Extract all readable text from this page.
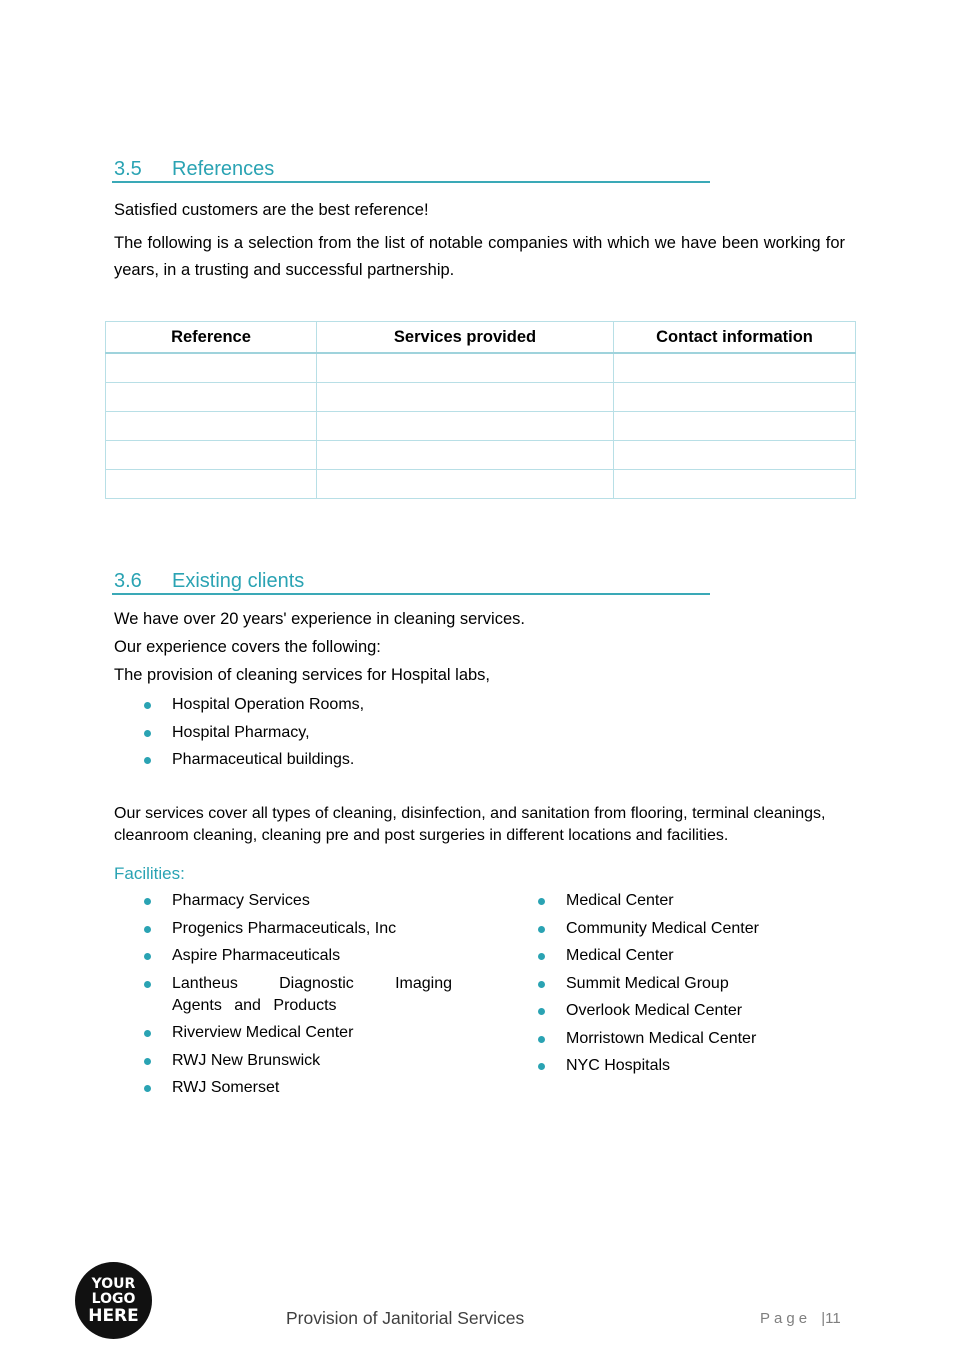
3.5 References
Satisfied customers are the best reference!
The following is a selection from the list of notable companies with which we have been working for years, in a trusting and successful partnership.
Reference	Services provided	Contact information

3.6 Existing clients
We have over 20 years' experience in cleaning services.
Our experience covers the following:
The provision of cleaning services for Hospital labs,
Hospital Operation Rooms,
Hospital Pharmacy,
Pharmaceutical buildings.
Our services cover all types of cleaning, disinfection, and sanitation from flooring, terminal cleanings, cleanroom cleaning, cleaning pre and post surgeries in different locations and facilities.
Facilities:
Pharmacy Services
Progenics Pharmaceuticals, Inc
Aspire Pharmaceuticals
Lantheus Diagnostic Imaging Agents and Products
Riverview Medical Center
RWJ New Brunswick
RWJ Somerset
Medical Center
Community Medical Center
Medical Center
Summit Medical Group
Overlook Medical Center
Morristown Medical Center
NYC Hospitals
YOUR
LOGO
HERE	Provision of Janitorial Services	Page |11
